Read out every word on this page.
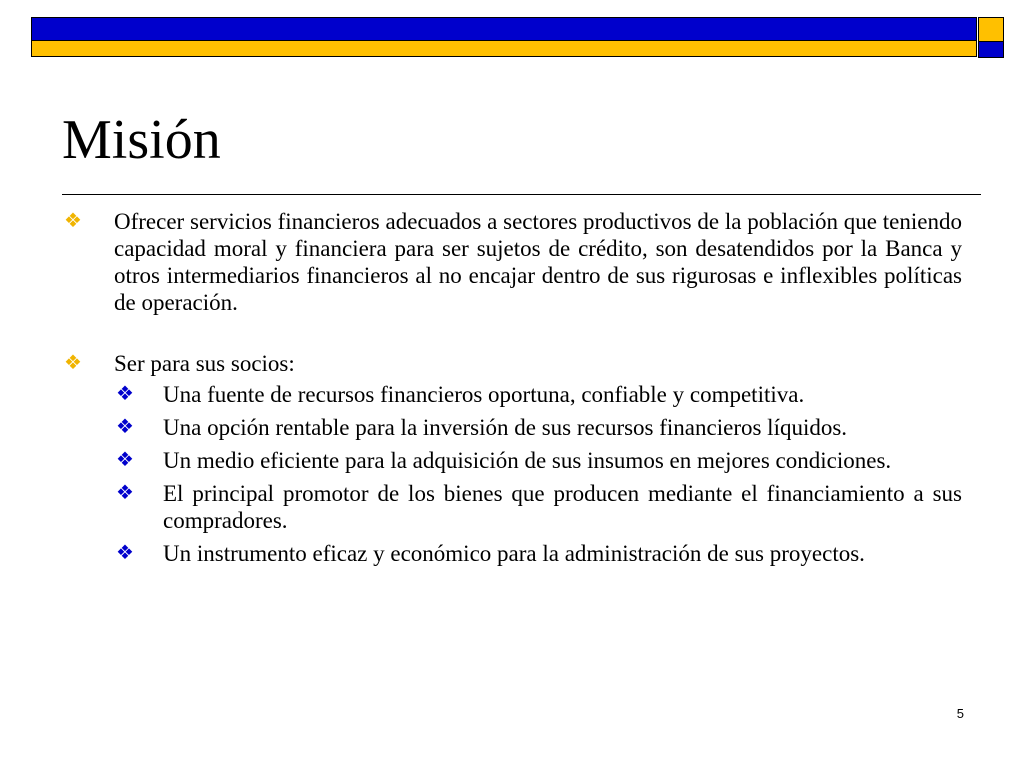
Misión
❖ Ofrecer servicios financieros adecuados a sectores productivos de la población que teniendo capacidad moral y financiera para ser sujetos de crédito, son desatendidos por la Banca y otros intermediarios financieros al no encajar dentro de sus rigurosas e inflexibles políticas de operación.
❖ Ser para sus socios:
❖ Una fuente de recursos financieros oportuna, confiable y competitiva.
❖ Una opción rentable para la inversión de sus recursos financieros líquidos.
❖ Un medio eficiente para la adquisición de sus insumos en mejores condiciones.
❖ El principal promotor de los bienes que producen mediante el financiamiento a sus compradores.
❖ Un instrumento eficaz y económico para la administración de sus proyectos.
5
